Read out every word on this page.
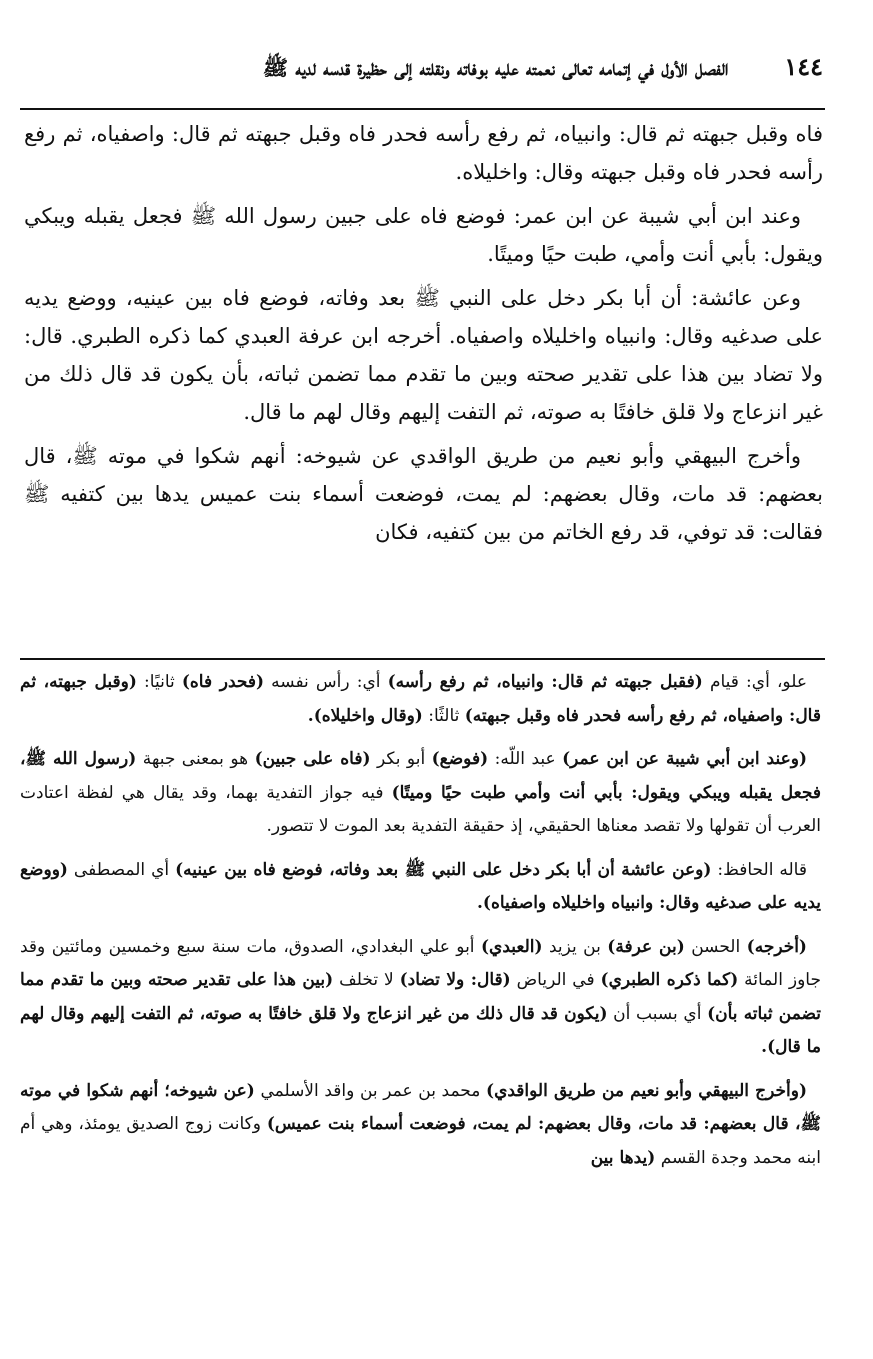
١٤٤
الفصل الأول في إتمامه تعالى نعمته عليه بوفاته ونقلته إلى حظيرة قدسه لديه ﷺ

فاه وقبل جبهته ثم قال: وانبياه، ثم رفع رأسه فحدر فاه وقبل جبهته ثم قال: واصفياه، ثم رفع رأسه فحدر فاه وقبل جبهته وقال: واخليلاه.

وعند ابن أبي شيبة عن ابن عمر: فوضع فاه على جبين رسول الله ﷺ فجعل يقبله ويبكي ويقول: بأبي أنت وأمي، طبت حيًا وميتًا.

وعن عائشة: أن أبا بكر دخل على النبي ﷺ بعد وفاته، فوضع فاه بين عينيه، ووضع يديه على صدغيه وقال: وانبياه واخليلاه واصفياه. أخرجه ابن عرفة العبدي كما ذكره الطبري. قال: ولا تضاد بين هذا على تقدير صحته وبين ما تقدم مما تضمن ثباته، بأن يكون قد قال ذلك من غير انزعاج ولا قلق خافتًا به صوته، ثم التفت إليهم وقال لهم ما قال.

وأخرج البيهقي وأبو نعيم من طريق الواقدي عن شيوخه: أنهم شكوا في موته ﷺ، قال بعضهم: قد مات، وقال بعضهم: لم يمت، فوضعت أسماء بنت عميس يدها بين كتفيه ﷺ فقالت: قد توفي، قد رفع الخاتم من بين كتفيه، فكان

علو، أي: قيام (فقبل جبهته ثم قال: وانبياه، ثم رفع رأسه) أي: رأس نفسه (فحدر فاه) ثانيًا: (وقبل جبهته، ثم قال: واصفياه، ثم رفع رأسه فحدر فاه وقبل جبهته) ثالثًا: (وقال واخليلاه).

(وعند ابن أبي شيبة عن ابن عمر) عبد اللّه: (فوضع) أبو بكر (فاه على جبين) هو بمعنى جبهة (رسول الله ﷺ، فجعل يقبله ويبكي ويقول: بأبي أنت وأمي طبت حيًا وميتًا) فيه جواز التفدية بهما، وقد يقال هي لفظة اعتادت العرب أن تقولها ولا تقصد معناها الحقيقي، إذ حقيقة التفدية بعد الموت لا تتصور.

قاله الحافظ: (وعن عائشة أن أبا بكر دخل على النبي ﷺ بعد وفاته، فوضع فاه بين عينيه) أي المصطفى (ووضع يديه على صدغيه وقال: وانبياه واخليلاه واصفياه).

(أخرجه) الحسن (بن عرفة) بن يزيد (العبدي) أبو علي البغدادي، الصدوق، مات سنة سبع وخمسين ومائتين وقد جاوز المائة (كما ذكره الطبري) في الرياض (قال: ولا تضاد) لا تخلف (بين هذا على تقدير صحته وبين ما تقدم مما تضمن ثباته بأن) أي بسبب أن (يكون قد قال ذلك من غير انزعاج ولا قلق خافتًا به صوته، ثم التفت إليهم وقال لهم ما قال).

(وأخرج البيهقي وأبو نعيم من طريق الواقدي) محمد بن عمر بن واقد الأسلمي (عن شيوخه؛ أنهم شكوا في موته ﷺ، قال بعضهم: قد مات، وقال بعضهم: لم يمت، فوضعت أسماء بنت عميس) وكانت زوج الصديق يومئذ، وهي أم ابنه محمد وجدة القسم (يدها بين
